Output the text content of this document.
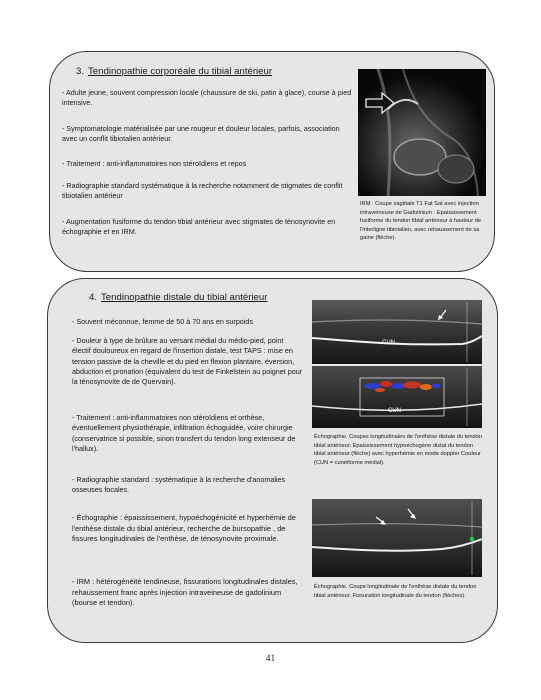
3. Tendinopathie corporéale du tibial antérieur
- Adulte jeune, souvent compression locale (chaussure de ski, patin à glace), course à pied intensive.
- Symptomatologie matérialisée par une rougeur et douleur locales, parfois, association avec un conflit tibiotalien antérieur.
- Traitement : anti-inflammatoires non stéroïdiens et repos
- Radiographie standard systématique à la recherche notamment de stigmates de conflit tibiotalien antérieur
- Augmentation fusiforme du tendon tibial antérieur avec stigmates de ténosynovite en échographie et en IRM.
IRM : Coupe sagittale T1 Fat Sat avec injection intraveineuse de Gadolinium : Epaississement fusiforme du tendon tibial antérieur à hauteur de l'interligne tibiotalien, avec rehaussement de sa gaine (flèche).
4. Tendinopathie distale du tibial antérieur
- Souvent méconnue, femme de 50 à 70 ans en surpoids
- Douleur à type de brûlure au versant médial du médio-pied, point électif douloureux en regard de l'insertion distale, test TAPS : mise en tension passive de la cheville et du pied en flexion plantaire, éversion, abduction et pronation (équivalent du test de Finkelstein au poignet pour la ténosynovite de de Quervain).
- Traitement : anti-inflammatoires non stéroïdiens et orthèse, éventuellement physiothérapie, infiltration échoguidée, voire chirurgie (conservatrice si possible, sinon transfert du tendon long extenseur de l'hallux).
- Radiographie standard : systématique à la recherche d'anomalies osseuses focales.
- Échographie : épaississement, hypoéchogénicité et hyperhémie de l'enthèse distale du tibial antérieur, recherche de bursopathie , de fissures longitudinales de l'enthèse, de ténosynovite proximale.
- IRM : hétérogénéité tendineuse, fissurations longitudinales distales, rehaussement franc après injection intraveineuse de gadolinium (bourse et tendon).
CUN
CUN
Échographie. Coupes longitudinales de l'enthèse distale du tendon tibial antérieur. Epaississement hypoéchogène distal du tendon tibial antérieur (flèche) avec hyperhémie en mode doppler Couleur (CUN = cunéiforme médial).
Échographie. Coupe longitudinale de l'enthèse distale du tendon tibial antérieur. Fissuration longitudinale du tendon (flèches).
41
